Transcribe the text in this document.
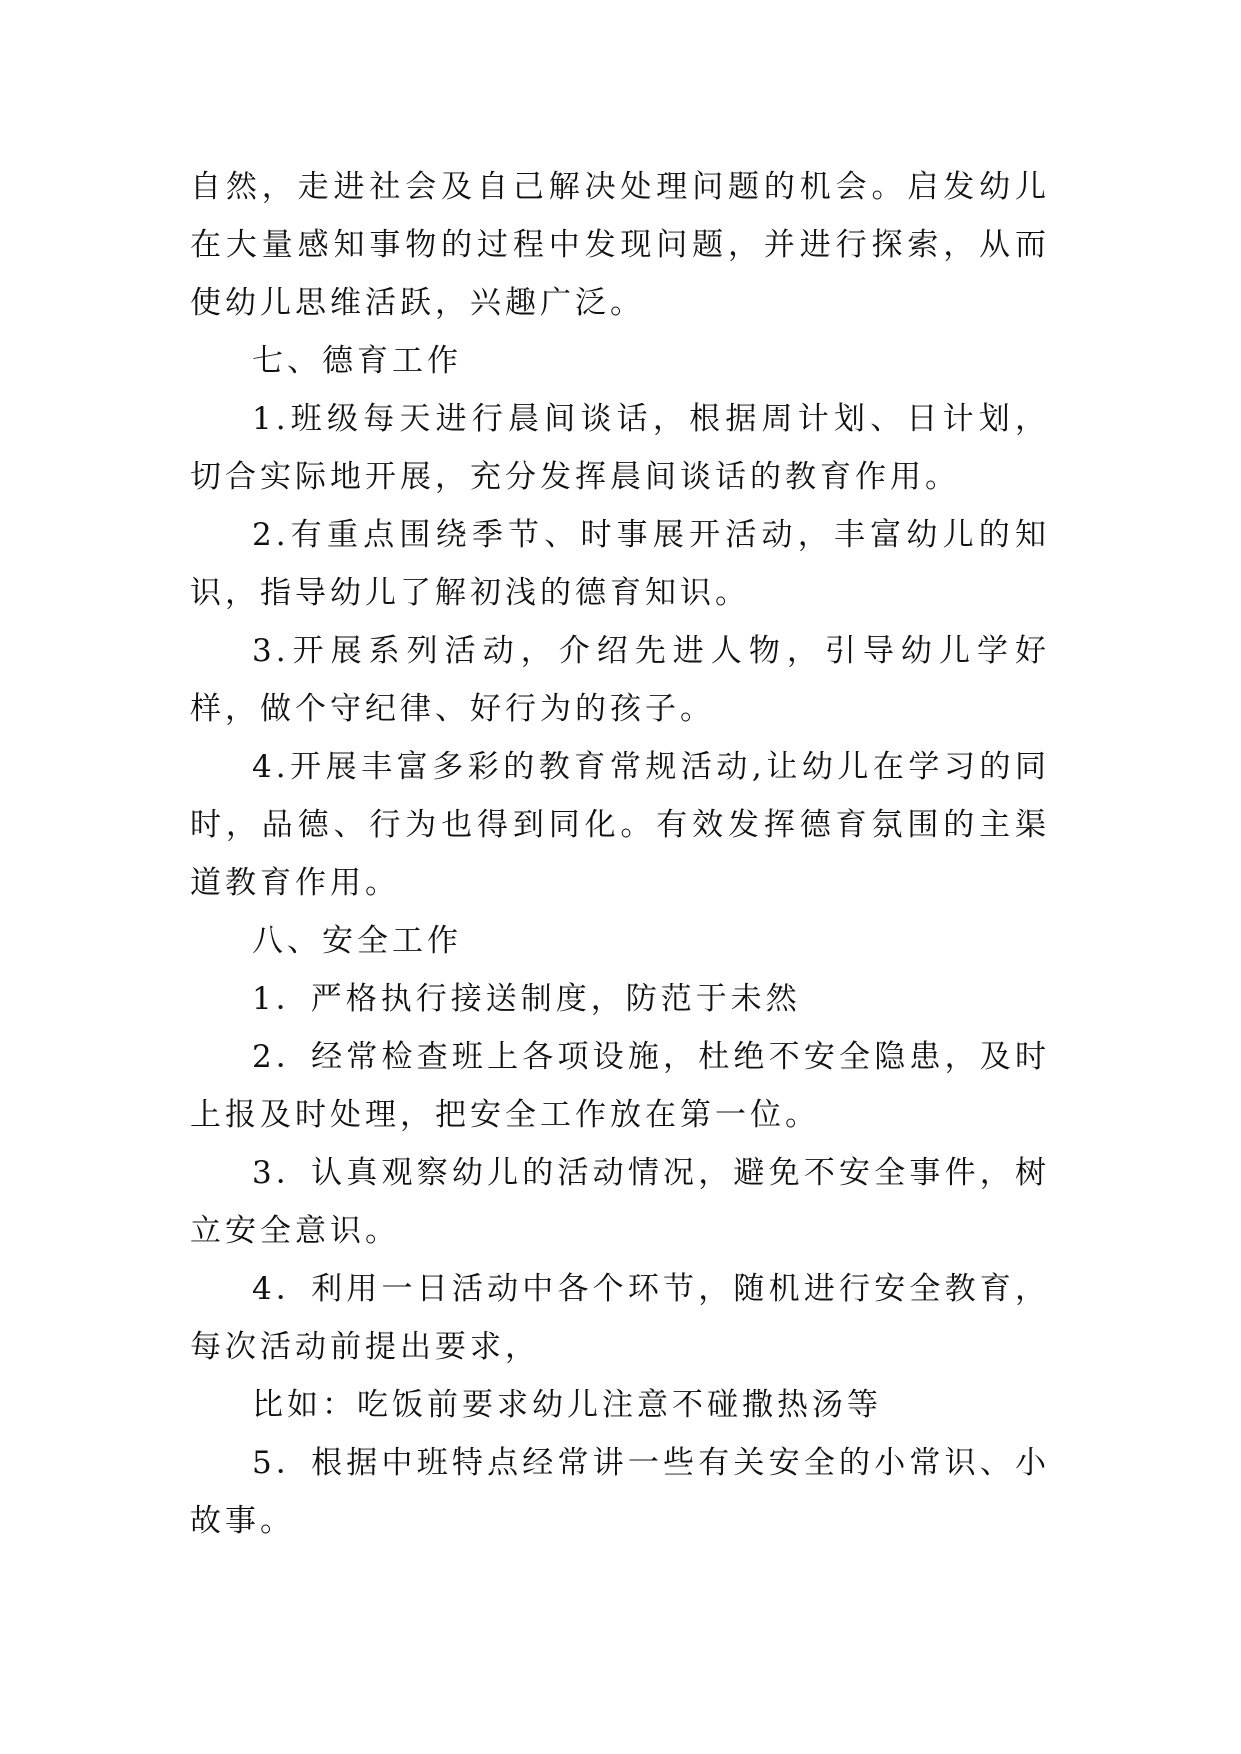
自然，走进社会及自己解决处理问题的机会。启发幼儿在大量感知事物的过程中发现问题，并进行探索，从而使幼儿思维活跃，兴趣广泛。

七、德育工作

1.班级每天进行晨间谈话，根据周计划、日计划，切合实际地开展，充分发挥晨间谈话的教育作用。

2.有重点围绕季节、时事展开活动，丰富幼儿的知识，指导幼儿了解初浅的德育知识。

3.开展系列活动，介绍先进人物，引导幼儿学好样，做个守纪律、好行为的孩子。

4.开展丰富多彩的教育常规活动,让幼儿在学习的同时，品德、行为也得到同化。有效发挥德育氛围的主渠道教育作用。

八、安全工作

1．严格执行接送制度，防范于未然

2．经常检查班上各项设施，杜绝不安全隐患，及时上报及时处理，把安全工作放在第一位。

3．认真观察幼儿的活动情况，避免不安全事件，树立安全意识。

4．利用一日活动中各个环节，随机进行安全教育，每次活动前提出要求，

比如：吃饭前要求幼儿注意不碰撒热汤等

5．根据中班特点经常讲一些有关安全的小常识、小故事。
